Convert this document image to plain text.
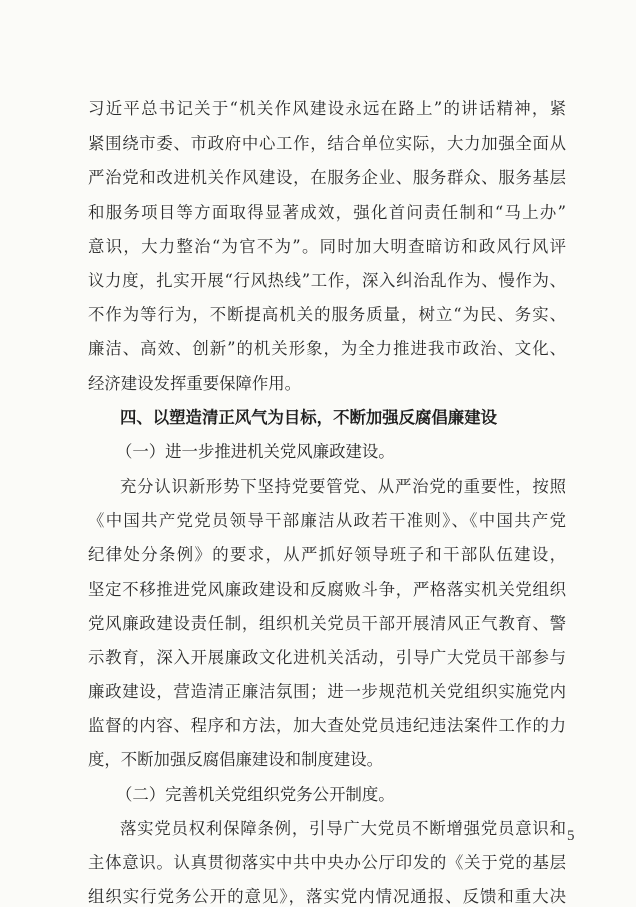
习近平总书记关于“机关作风建设永远在路上”的讲话精神，紧
紧围绕市委、市政府中心工作，结合单位实际，大力加强全面从
严治党和改进机关作风建设，在服务企业、服务群众、服务基层
和服务项目等方面取得显著成效，强化首问责任制和“马上办”
意识，大力整治“为官不为”。同时加大明查暗访和政风行风评
议力度，扎实开展“行风热线”工作，深入纠治乱作为、慢作为、
不作为等行为，不断提高机关的服务质量，树立“为民、务实、
廉洁、高效、创新”的机关形象，为全力推进我市政治、文化、
经济建设发挥重要保障作用。
四、以塑造清正风气为目标，不断加强反腐倡廉建设
（一）进一步推进机关党风廉政建设。
充分认识新形势下坚持党要管党、从严治党的重要性，按照
《中国共产党党员领导干部廉洁从政若干准则》、《中国共产党
纪律处分条例》的要求，从严抓好领导班子和干部队伍建设，
坚定不移推进党风廉政建设和反腐败斗争，严格落实机关党组织
党风廉政建设责任制，组织机关党员干部开展清风正气教育、警
示教育，深入开展廉政文化进机关活动，引导广大党员干部参与
廉政建设，营造清正廉洁氛围；进一步规范机关党组织实施党内
监督的内容、程序和方法，加大查处党员违纪违法案件工作的力
度，不断加强反腐倡廉建设和制度建设。
（二）完善机关党组织党务公开制度。
落实党员权利保障条例，引导广大党员不断增强党员意识和
主体意识。认真贯彻落实中共中央办公厅印发的《关于党的基层
组织实行党务公开的意见》，落实党内情况通报、反馈和重大决
5
